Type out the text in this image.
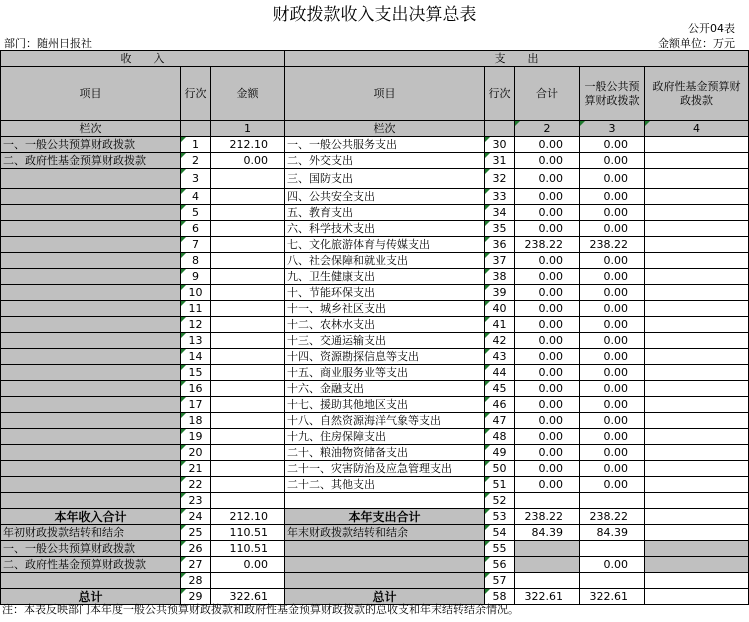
财政拨款收入支出决算总表
公开04表
部门：随州日报社	金额单位：万元
收　　入			支　　出				
项目	行次	金额	项目	行次	合计	一般公共预算财政拨款	政府性基金预算财政拨款
栏次		1	栏次		2	3	4
一、一般公共预算财政拨款	1	212.10	一、一般公共服务支出	30	0.00	0.00	
二、政府性基金预算财政拨款	2	0.00	二、外交支出	31	0.00	0.00	
	3		三、国防支出	32	0.00	0.00	
	4		四、公共安全支出	33	0.00	0.00	
	5		五、教育支出	34	0.00	0.00	
	6		六、科学技术支出	35	0.00	0.00	
	7		七、文化旅游体育与传媒支出	36	238.22	238.22	
	8		八、社会保障和就业支出	37	0.00	0.00	
	9		九、卫生健康支出	38	0.00	0.00	
	10		十、节能环保支出	39	0.00	0.00	
	11		十一、城乡社区支出	40	0.00	0.00	
	12		十二、农林水支出	41	0.00	0.00	
	13		十三、交通运输支出	42	0.00	0.00	
	14		十四、资源勘探信息等支出	43	0.00	0.00	
	15		十五、商业服务业等支出	44	0.00	0.00	
	16		十六、金融支出	45	0.00	0.00	
	17		十七、援助其他地区支出	46	0.00	0.00	
	18		十八、自然资源海洋气象等支出	47	0.00	0.00	
	19		十九、住房保障支出	48	0.00	0.00	
	20		二十、粮油物资储备支出	49	0.00	0.00	
	21		二十一、灾害防治及应急管理支出	50	0.00	0.00	
	22		二十二、其他支出	51	0.00	0.00	
	23			52			
本年收入合计	24	212.10	本年支出合计	53	238.22	238.22	
年初财政拨款结转和结余	25	110.51	年末财政拨款结转和结余	54	84.39	84.39	
一、一般公共预算财政拨款	26	110.51		55			
二、政府性基金预算财政拨款	27	0.00		56		0.00	
	28			57			
总计	29	322.61	总计	58	322.61	322.61	
注：本表反映部门本年度一般公共预算财政拨款和政府性基金预算财政拨款的总收支和年末结转结余情况。
